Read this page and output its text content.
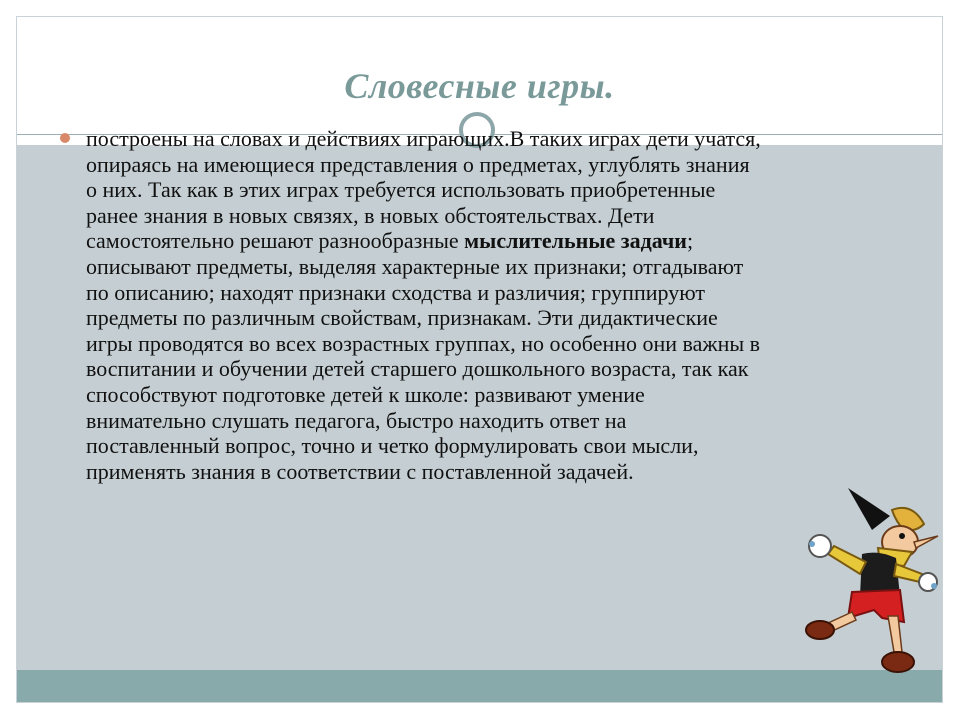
Словесные игры.
построены на словах и действиях играющих.В таких играх дети учатся,
опираясь на имеющиеся представления о предметах, углублять знания
о них. Так как в этих играх требуется использовать приобретенные
ранее знания в новых связях, в новых обстоятельствах. Дети
самостоятельно решают разнообразные мыслительные задачи;
описывают предметы, выделяя характерные их признаки; отгадывают
по описанию; находят признаки сходства и различия; группируют
предметы по различным свойствам, признакам. Эти дидактические
игры проводятся во всех возрастных группах, но особенно они важны в
воспитании и обучении детей старшего дошкольного возраста, так как
способствуют подготовке детей к школе: развивают умение
внимательно слушать педагога, быстро находить ответ на
поставленный вопрос, точно и четко формулировать свои мысли,
применять знания в соответствии с поставленной задачей.
